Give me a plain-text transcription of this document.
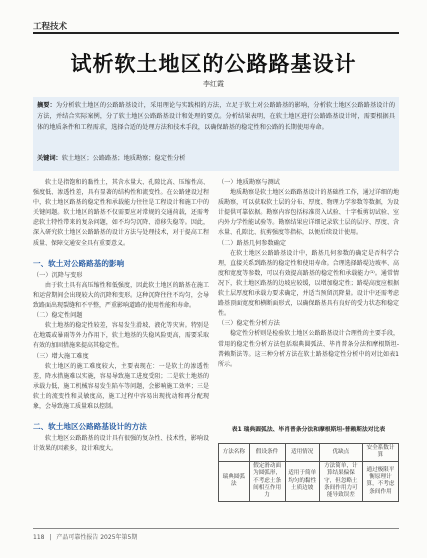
工程技术
试析软土地区的公路路基设计
李红霞
摘要：为分析软土地区的公路路基设计，采用理论与实践相的方法，立足于软土对公路路基的影响，分析软土地区公路路基设计的方法，并结合实际案例，分了软土地区公路路基设计和处理的要点。分析结果表明，在软土地区进行公路路基设计时，需要根据具体的地质条件和工程需求，选择合适的处理方法和技术手段，以确保路基的稳定性和公路的长期使用寿命。
关键词：软土地区；公路路基；地质勘察；稳定性分析

软土是指饱和的黏性土，其含水量大、孔隙比高、压缩性高、强度低、渗透性差，具有显著的结构性和流变性。在公路建设过程中，软土地区路基的稳定性和承载能力往往是工程设计和施工中的关键问题。软土地区的路基不仅需要应对常规的交通荷载，还需考虑软土特性带来的复杂问题，如不均匀沉降、滑移失稳等。因此，深入研究软土地区公路路基的设计方法与处理技术，对于提高工程质量、保障交通安全具有重要意义。

一、软土对公路路基的影响
（一）沉降与变形

由于软土具有高压缩性和低强度，因此软土地区的路基在施工和运营期间会出现较大的沉降和变形。这种沉降往往不均匀，会导致路面出现裂缝和不平整，严重影响道路的使用性能和寿命。

（二）稳定性问题

软土地基的稳定性较差，容易发生滑坡、液化等灾害。特别是在地震或暴雨等外力作用下，软土地基的失稳风险更高，需要采取有效的加固措施来提高其稳定性。

（三）增大施工难度

软土地区的施工难度较大，主要表现在：一是软土的渗透性差，降水措施难以实施，容易导致施工进度受阻；二是软土地基的承载力低，施工机械容易发生陷车等问题，会影响施工效率；三是软土的流变性和灵敏度高，施工过程中容易出现扰动和再分配现象，会导致施工质量难以控制。

二、软土地区公路路基设计的方法

软土地区公路路基的设计具有很强的复杂性、技术性，影响设计效果的因素多，设计难度大。

（一）地质勘察与测试

地质勘察是软土地区公路路基设计的基础性工作，通过详细的地质勘察，可以获取软土层的分布、厚度、物理力学参数等数据，为设计提供可靠依据。勘察内容包括标准贯入试验、十字板剪切试验、室内外力学性能试验等。勘察结果应详细记录软土层的层序、厚度、含水量、孔隙比、抗剪强度等指标，以便后续设计使用。

（二）路基几何参数确定

在软土地区公路路基设计中，路基几何参数的确定是否科学合理，直接关系到路基的稳定性和使用寿命。合理选择路堤边坡率、高度和宽度等参数，可以有效提高路基的稳定性和承载能力⁽¹⁾。通常情况下，软土地区路基的边坡应较缓，以增加稳定性；路堤高度应根据软土层厚度和承载力要求确定，并适当预留沉降量。设计中还需考虑路基顶面宽度和横断面形式，以确保路基具有良好的受力状态和稳定性。

（三）稳定性分析方法

稳定性分析则是检验软土地区公路路基设计合理性的主要手段，常用的稳定性分析方法包括瑞典圆弧法、毕肖普条分法和摩根斯坦-普赖斯法等。这三种分析方法在软土路基稳定性分析中的对比如表1所示。

表1 瑞典圆弧法、毕肖普条分法和摩根斯坦-普赖斯法对比表
方法名称	假设条件	适用情况	优缺点	安全系数计算
瑞典圆弧法	假定滑动面为圆弧形，不考虑土条间相互作用力	适用于简单均匀的黏性土质边坡	方法简单，计算结果偏保守，但忽略土条间作用力可能导致误差	通过极限平衡原理计算，不考虑条间作用
118 | 产品可靠性报告 2025年第5期
